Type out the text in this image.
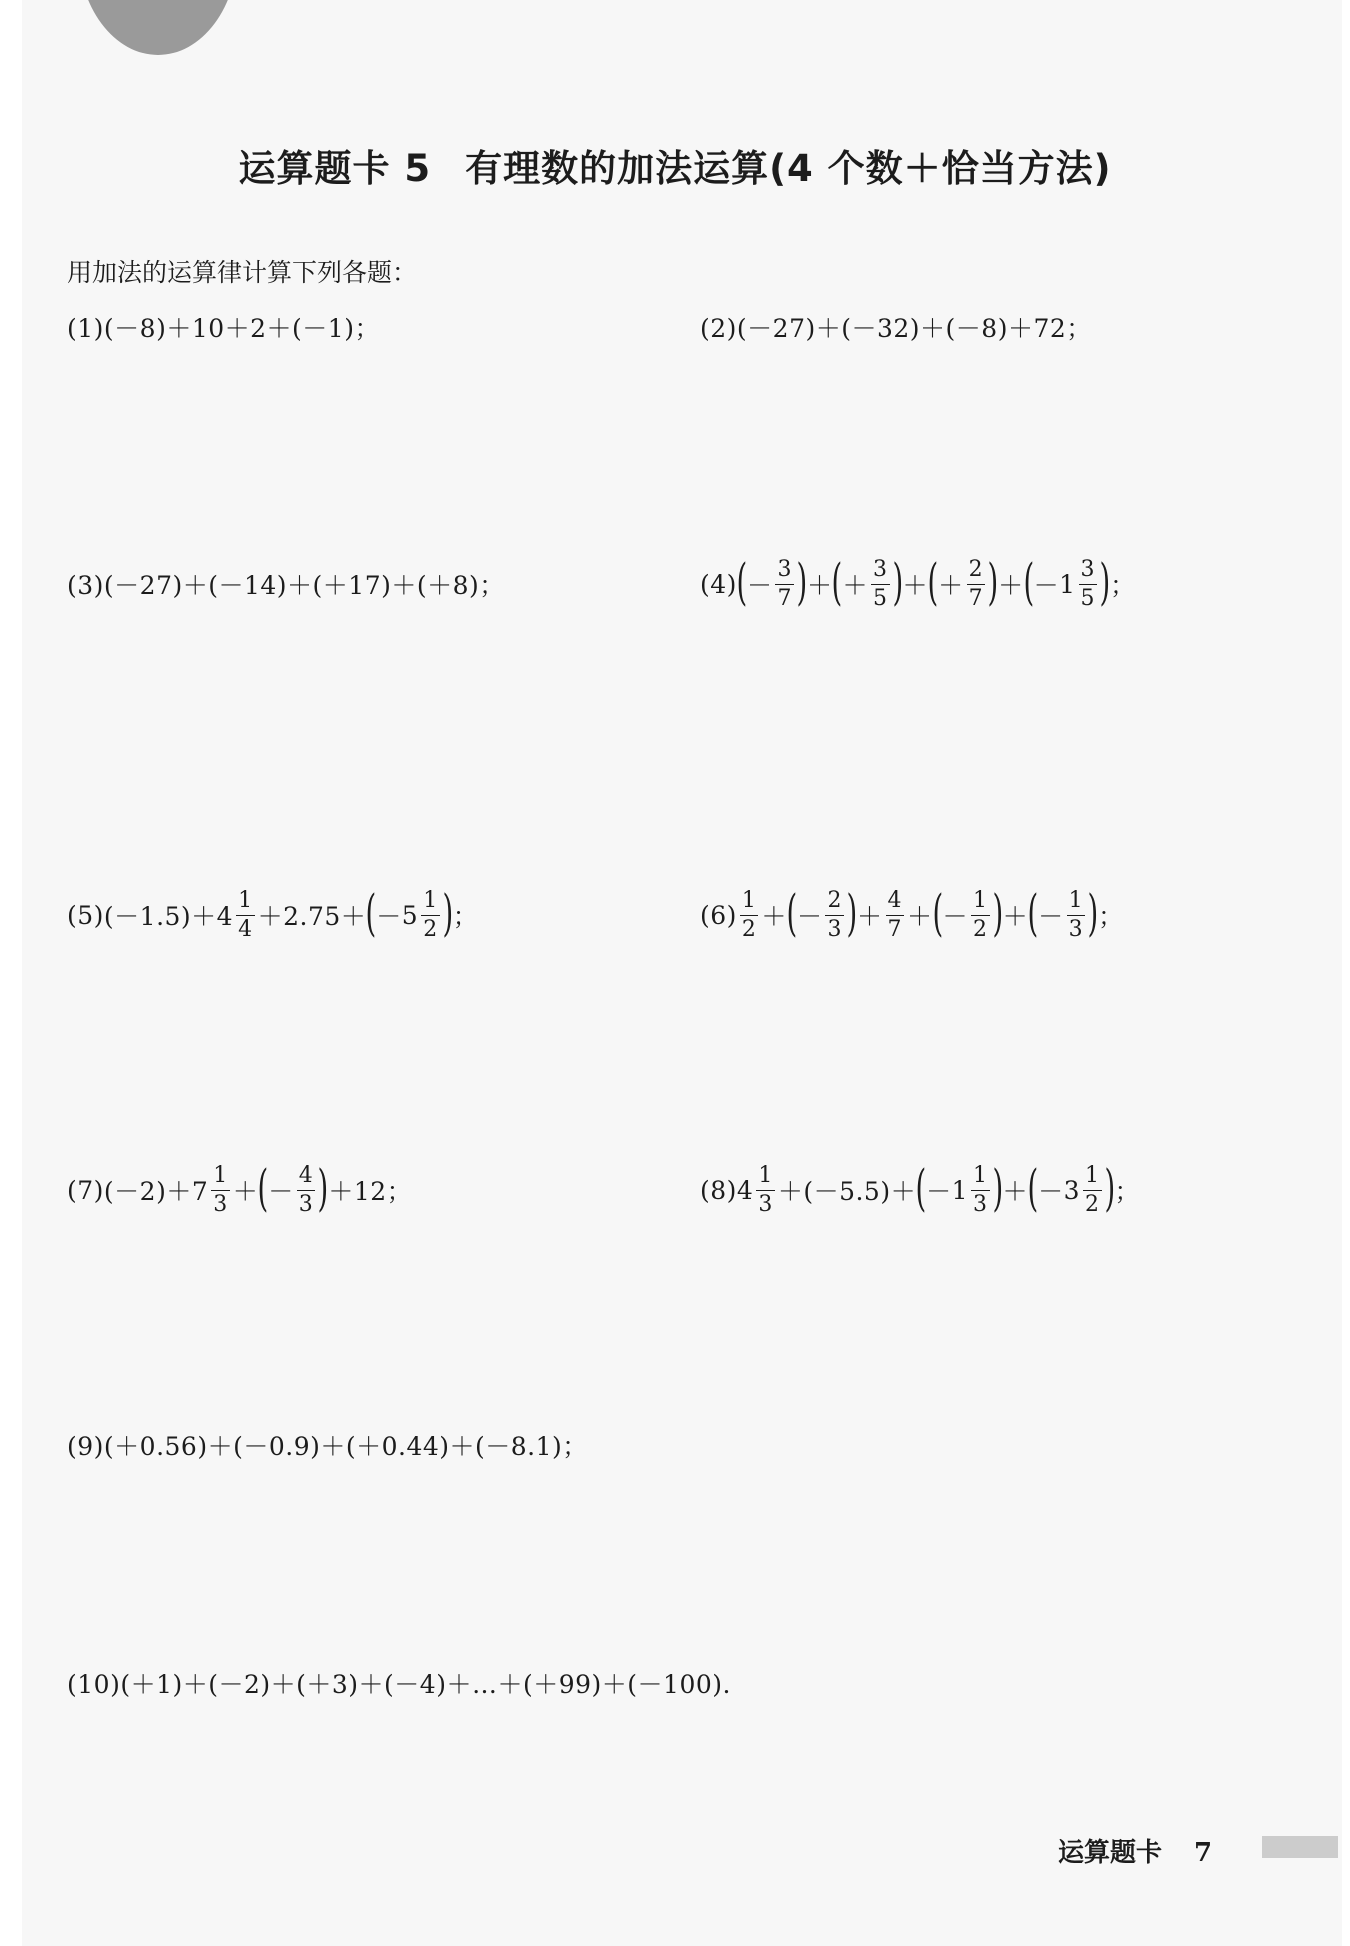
运算题卡 5 有理数的加法运算(4 个数＋恰当方法)
用加法的运算律计算下列各题：
(1)(－8)＋10＋2＋(－1)；	(2)(－27)＋(－32)＋(－8)＋72；
(3)(－27)＋(－14)＋(＋17)＋(＋8)；	(4) ( － $\frac{3}{7}$ ) ＋ ( ＋ $\frac{3}{5}$ ) ＋ ( ＋ $\frac{2}{7}$ ) ＋ ( － $1 \frac{3}{5}$ ) ；
(5) $(-1.5)+4 \frac{1}{4} +2.75+$ ( － $5 \frac{1}{2}$ ) ；	$(6) \frac{1}{2}$ ＋ ( － $\frac{2}{3}$ ) ＋ $\frac{4}{7}$ ＋ ( － $\frac{1}{2}$ ) ＋ ( － $\frac{1}{3}$ ) ；
(7) $(-2)+7 \frac{1}{3}$ ＋ ( － $\frac{4}{3}$ ) ＋12；	(8) $4 \frac{1}{3} +(-5.5)+$ ( － $1 \frac{1}{3}$ ) ＋ ( － $3 \frac{1}{2}$ ) ；
(9)(＋0.56)＋(－0.9)＋(＋0.44)＋(－8.1)；
(10)(＋1)＋(－2)＋(＋3)＋(－4)＋…＋(＋99)＋(－100).
运算题卡 7
